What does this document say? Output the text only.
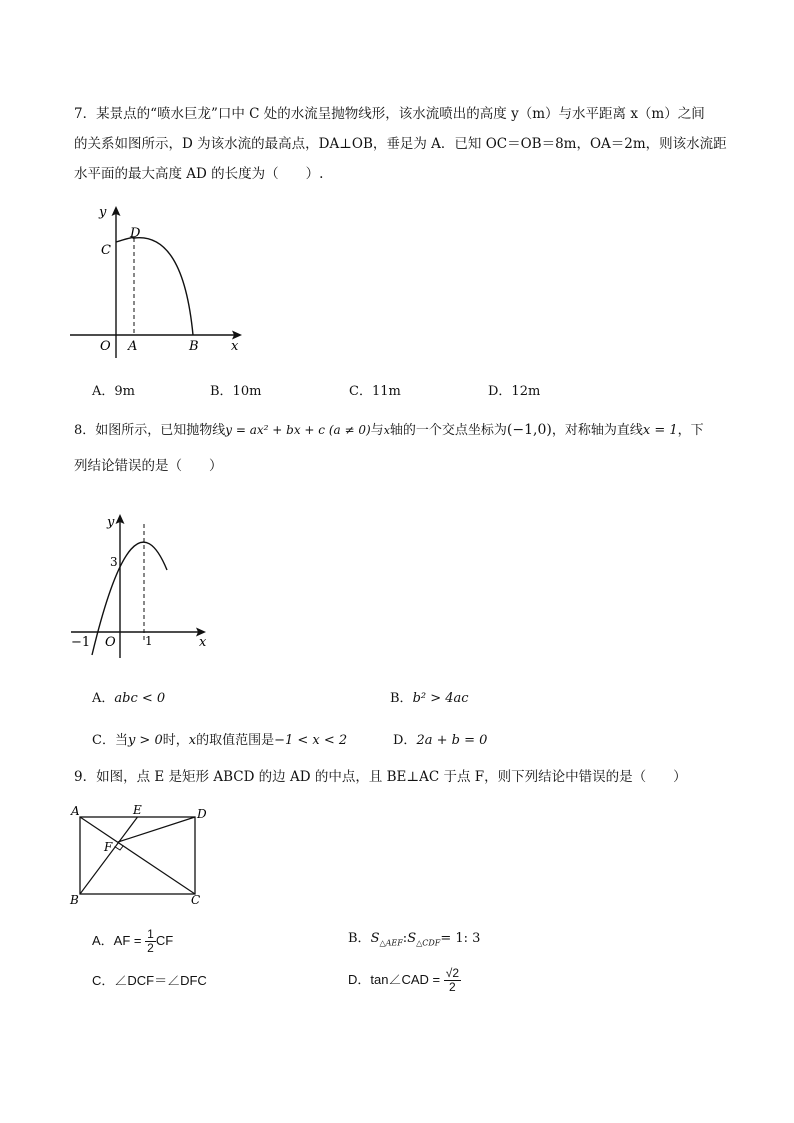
7．某景点的“喷水巨龙”口中 C 处的水流呈抛物线形，该水流喷出的高度 y（m）与水平距离 x（m）之间
的关系如图所示，D 为该水流的最高点，DA⊥OB，垂足为 A．已知 OC＝OB＝8m，OA＝2m，则该水流距
水平面的最大高度 AD 的长度为（　　）.
y
C
D
O A	B x
A．9m	B．10m	C．11m	D．12m
8．如图所示，已知抛物线y = ax² + bx + c (a ≠ 0)与x轴的一个交点坐标为(−1,0)，对称轴为直线x = 1，下
列结论错误的是（　　）
y
3
−1 O 1	x
A．abc < 0	B．b² > 4ac
C．当y > 0时，x的取值范围是−1 < x < 2	D．2a + b = 0
9．如图，点 E 是矩形 ABCD 的边 AD 的中点，且 BE⊥AC 于点 F，则下列结论中错误的是（　　）
A	E	D
F
B	C
A．AF = $\frac{1}{2}$ CF	B．$S_{\triangle AEF}:S_{\triangle CDF}= 1$: 3
C．∠DCF＝∠DFC	D．tan∠CAD = $\frac{√2}{2}$
